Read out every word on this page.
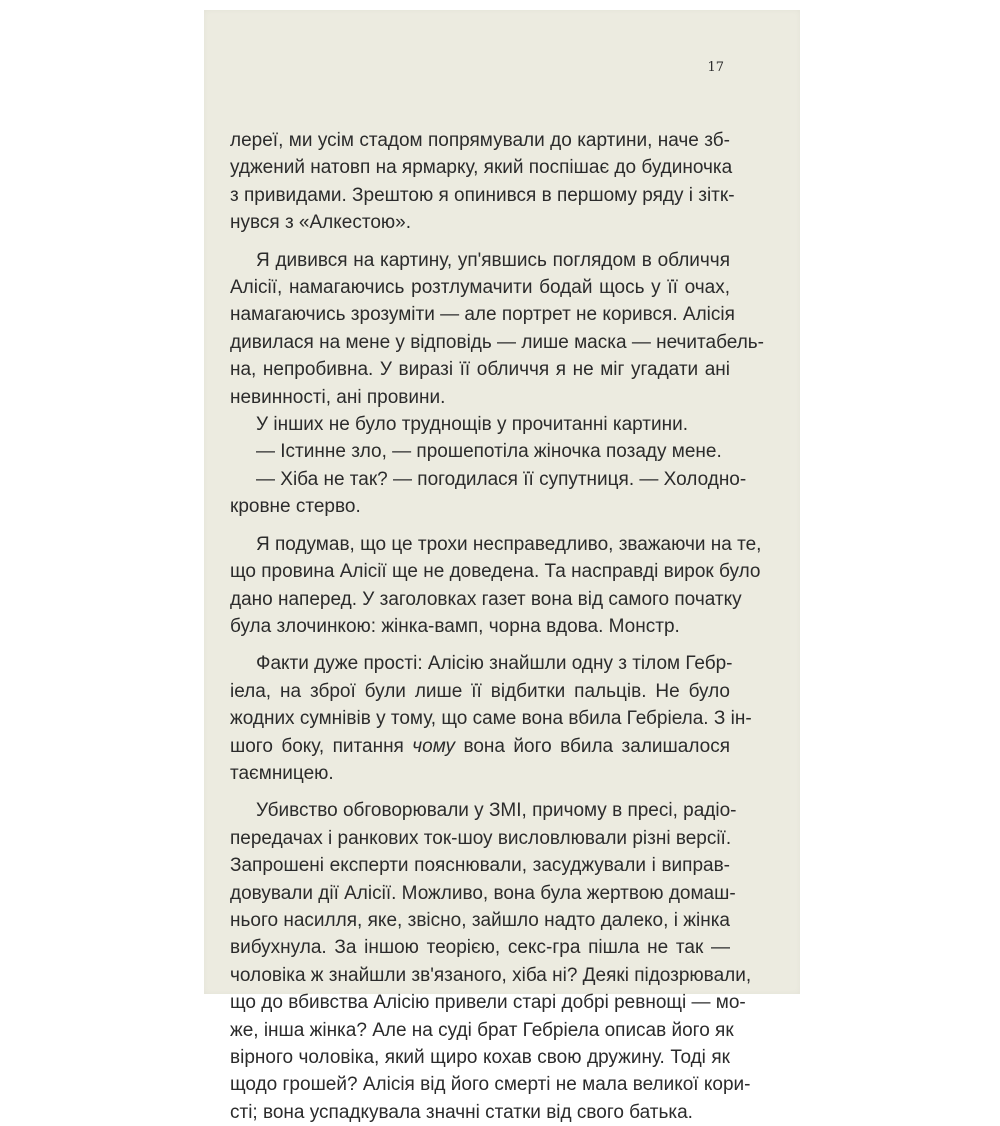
17
лереї, ми усім стадом попрямували до картини, наче зб-
уджений натовп на ярмарку, який поспішає до будиночка
з привидами. Зрештою я опинився в першому ряду і зітк-
нувся з «Алкестою».
Я дивився на картину, уп'явшись поглядом в обличчя
Алісії, намагаючись розтлумачити бодай щось у її очах,
намагаючись зрозуміти — але портрет не корився. Алісія
дивилася на мене у відповідь — лише маска — нечитабель-
на, непробивна. У виразі її обличчя я не міг угадати ані
невинності, ані провини.
У інших не було труднощів у прочитанні картини.
— Істинне зло, — прошепотіла жіночка позаду мене.
— Хіба не так? — погодилася її супутниця. — Холодно-
кровне стерво.
Я подумав, що це трохи несправедливо, зважаючи на те,
що провина Алісії ще не доведена. Та насправді вирок було
дано наперед. У заголовках газет вона від самого початку
була злочинкою: жінка-вамп, чорна вдова. Монстр.
Факти дуже прості: Алісію знайшли одну з тілом Гебр-
іела, на зброї були лише її відбитки пальців. Не було
жодних сумнівів у тому, що саме вона вбила Гебріела. З ін-
шого боку, питання чому вона його вбила залишалося
таємницею.
Убивство обговорювали у ЗМІ, причому в пресі, радіо-
передачах і ранкових ток-шоу висловлювали різні версії.
Запрошені експерти пояснювали, засуджували і виправ-
довували дії Алісії. Можливо, вона була жертвою домаш-
нього насилля, яке, звісно, зайшло надто далеко, і жінка
вибухнула. За іншою теорією, секс-гра пішла не так —
чоловіка ж знайшли зв'язаного, хіба ні? Деякі підозрювали,
що до вбивства Алісію привели старі добрі ревнощі — мо-
же, інша жінка? Але на суді брат Гебріела описав його як
вірного чоловіка, який щиро кохав свою дружину. Тоді як
щодо грошей? Алісія від його смерті не мала великої кори-
сті; вона успадкувала значні статки від свого батька.
